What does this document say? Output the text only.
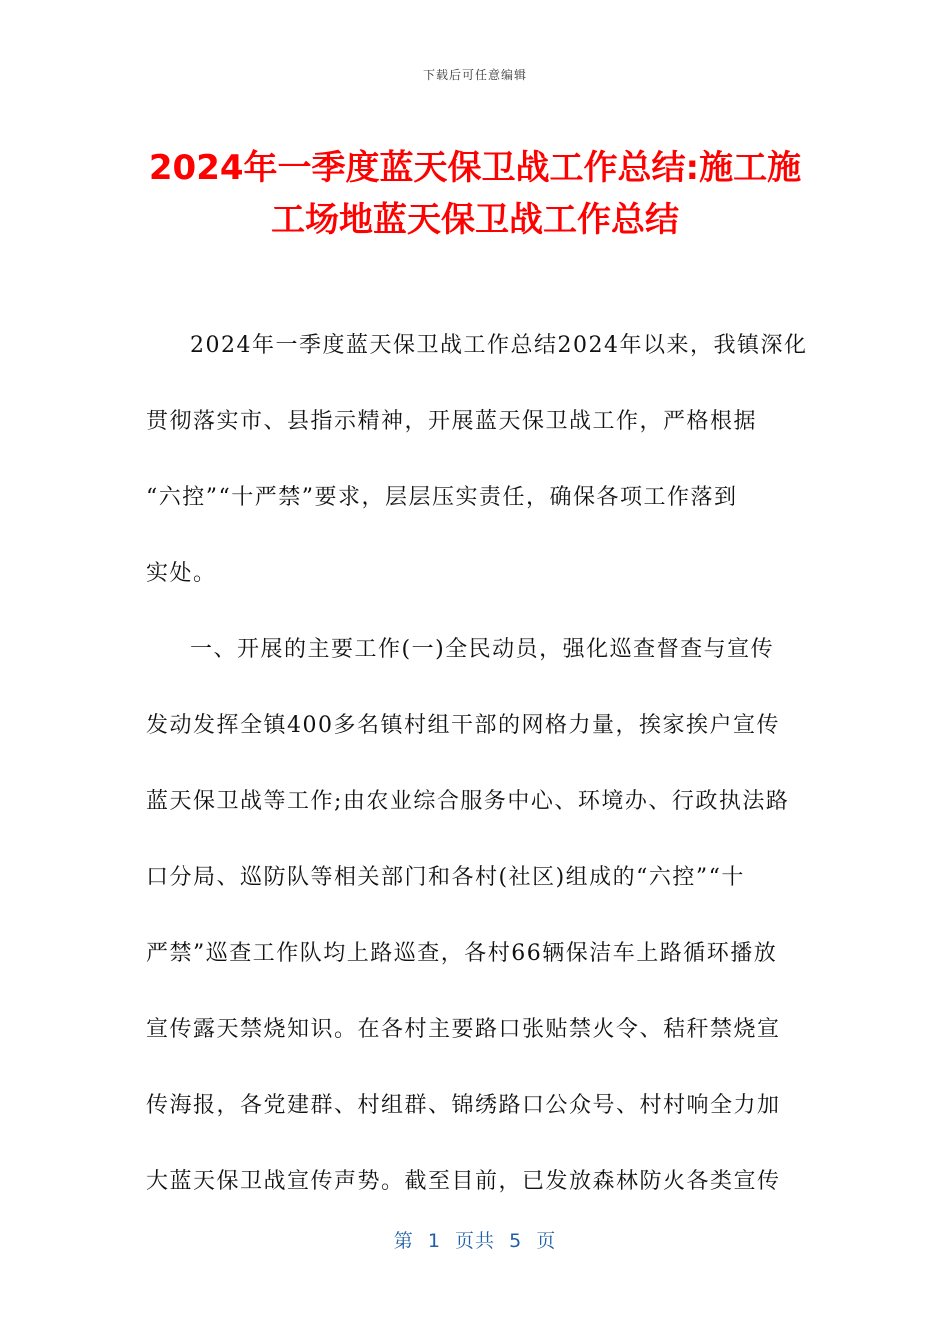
下载后可任意编辑
2024年一季度蓝天保卫战工作总结:施工施
工场地蓝天保卫战工作总结
2024年一季度蓝天保卫战工作总结2024年以来，我镇深化
贯彻落实市、县指示精神，开展蓝天保卫战工作，严格根据
“六控”“十严禁”要求，层层压实责任，确保各项工作落到
实处。
一、开展的主要工作(一)全民动员，强化巡查督查与宣传
发动发挥全镇400多名镇村组干部的网格力量，挨家挨户宣传
蓝天保卫战等工作;由农业综合服务中心、环境办、行政执法路
口分局、巡防队等相关部门和各村(社区)组成的“六控”“十
严禁”巡查工作队均上路巡查，各村66辆保洁车上路循环播放
宣传露天禁烧知识。在各村主要路口张贴禁火令、秸秆禁烧宣
传海报，各党建群、村组群、锦绣路口公众号、村村响全力加
大蓝天保卫战宣传声势。截至目前，已发放森林防火各类宣传
第  1  页共  5  页
